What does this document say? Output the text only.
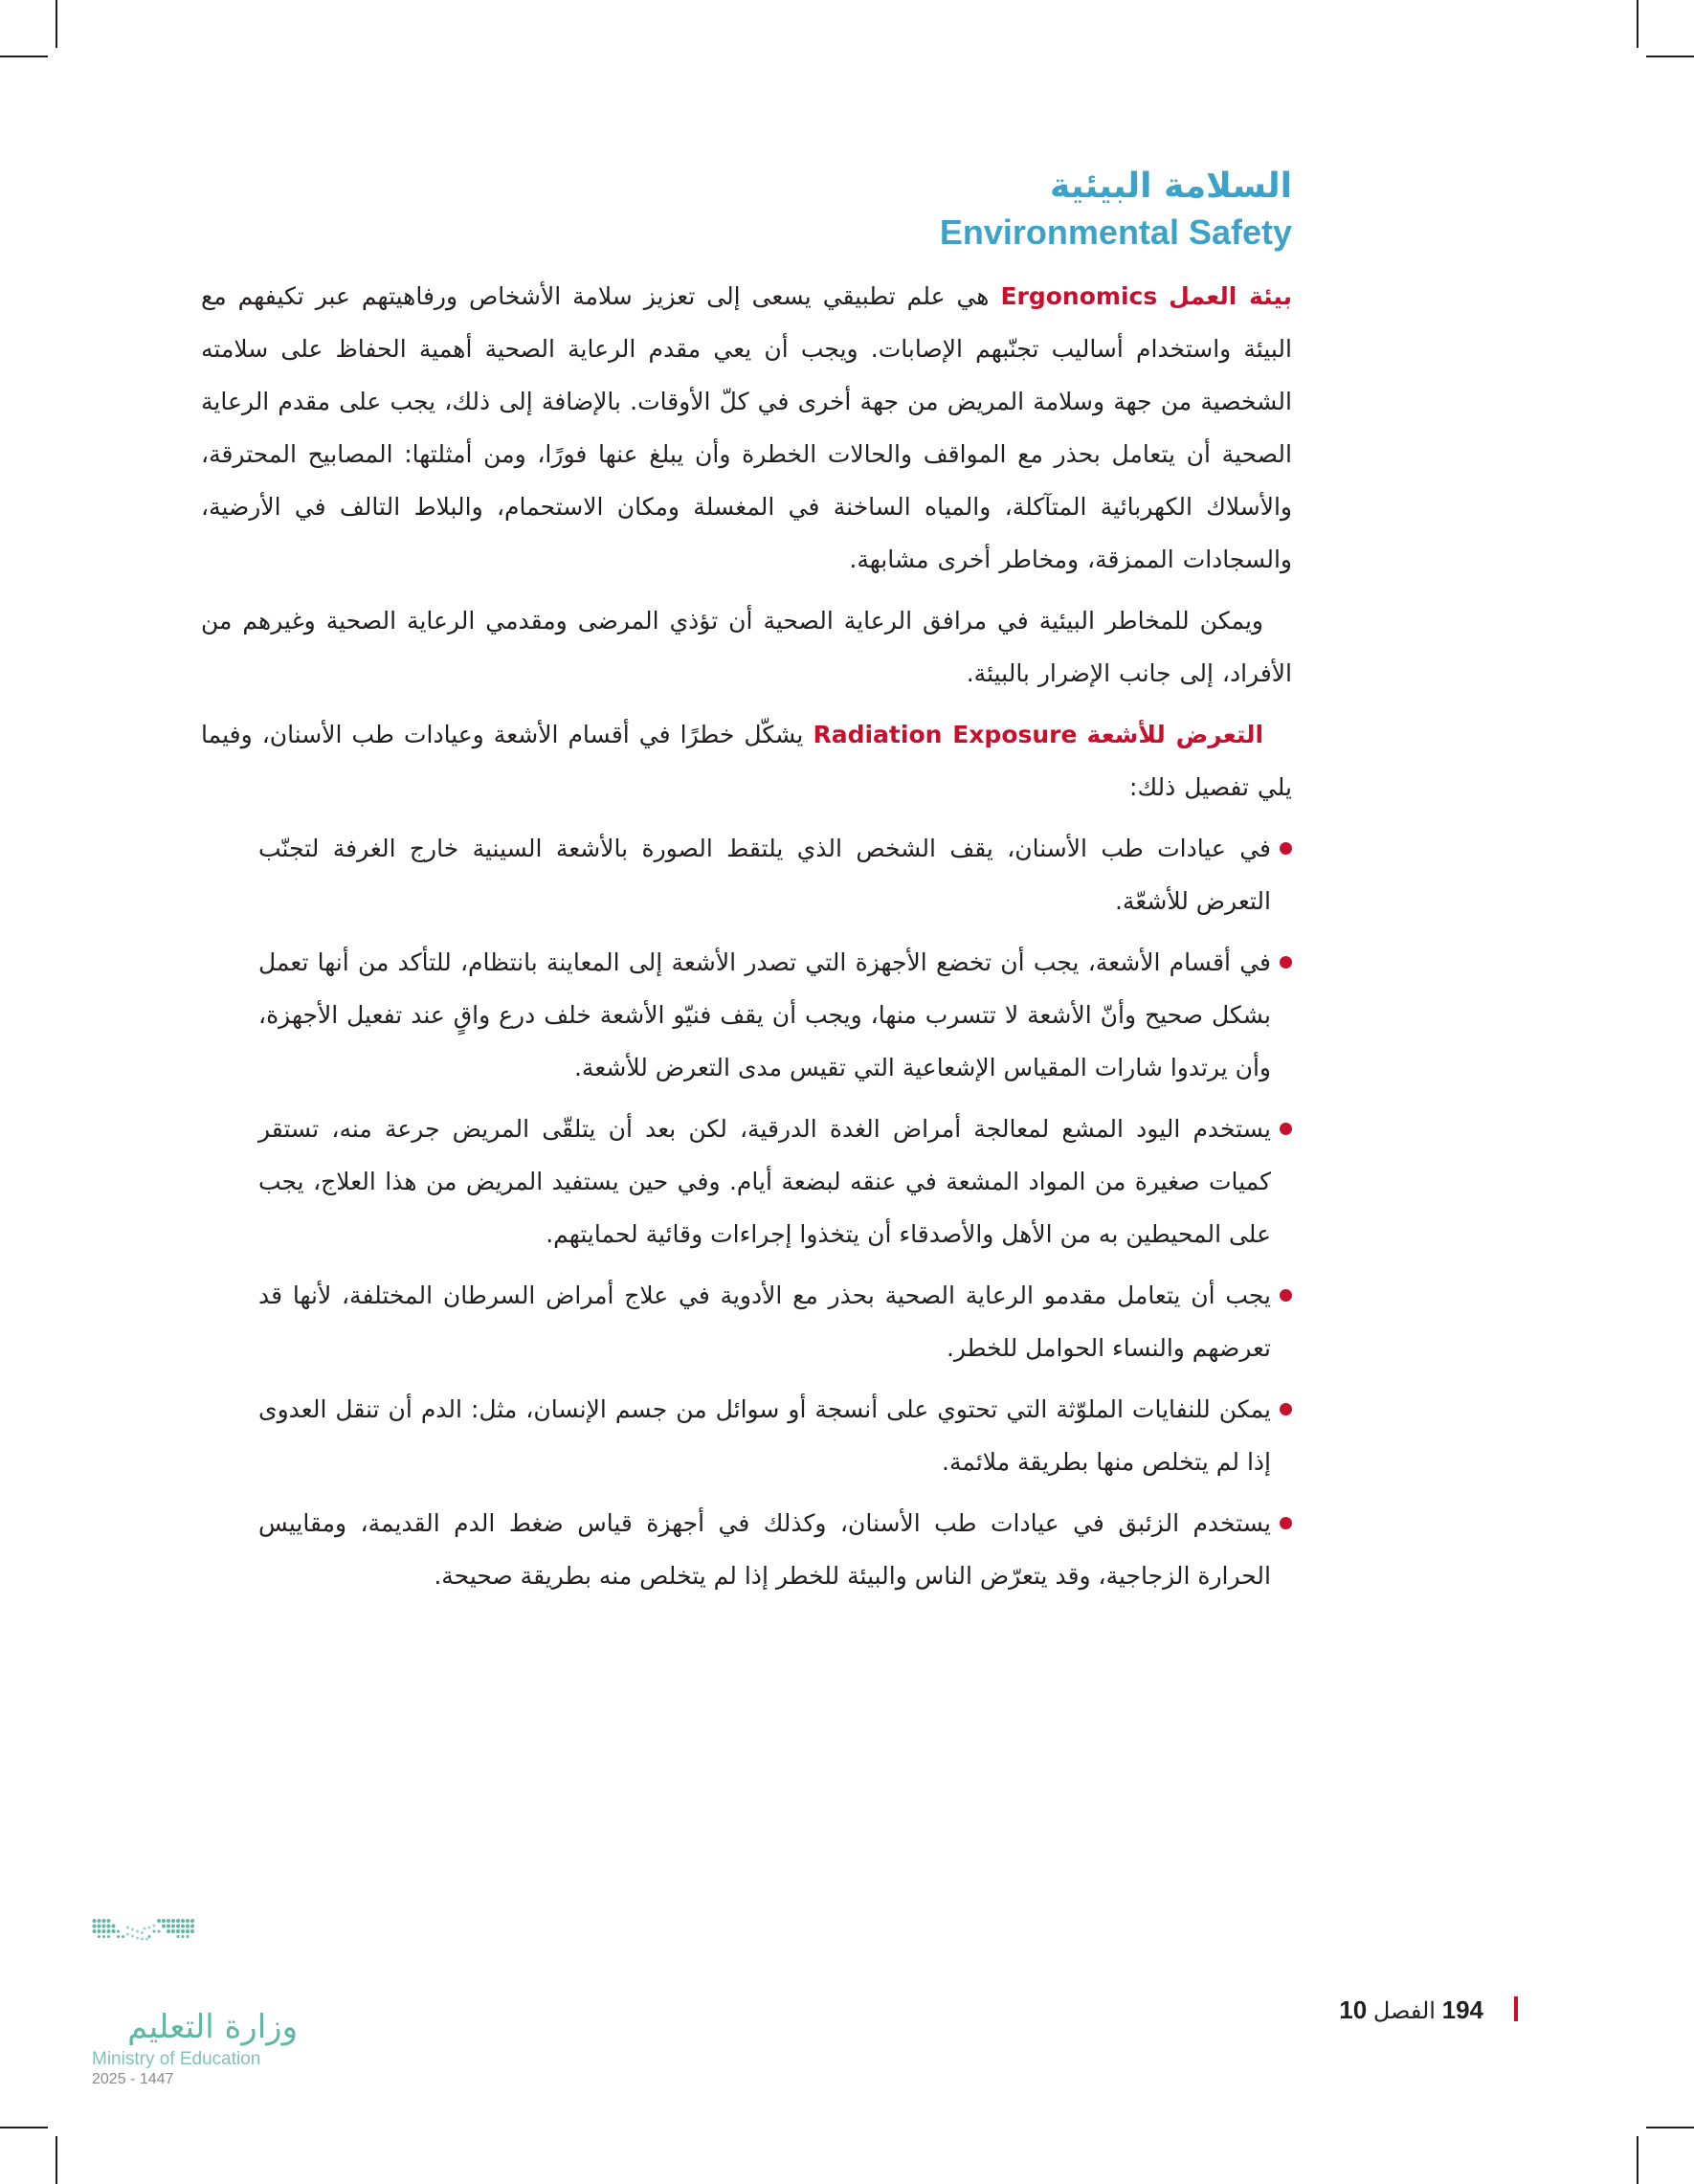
السلامة البيئية
Environmental Safety

بيئة العمل Ergonomics هي علم تطبيقي يسعى إلى تعزيز سلامة الأشخاص ورفاهيتهم عبر تكيفهم مع البيئة واستخدام أساليب تجنّبهم الإصابات. ويجب أن يعي مقدم الرعاية الصحية أهمية الحفاظ على سلامته الشخصية من جهة وسلامة المريض من جهة أخرى في كلّ الأوقات. بالإضافة إلى ذلك، يجب على مقدم الرعاية الصحية أن يتعامل بحذر مع المواقف والحالات الخطرة وأن يبلغ عنها فورًا، ومن أمثلتها: المصابيح المحترقة، والأسلاك الكهربائية المتآكلة، والمياه الساخنة في المغسلة ومكان الاستحمام، والبلاط التالف في الأرضية، والسجادات الممزقة، ومخاطر أخرى مشابهة.

ويمكن للمخاطر البيئية في مرافق الرعاية الصحية أن تؤذي المرضى ومقدمي الرعاية الصحية وغيرهم من الأفراد، إلى جانب الإضرار بالبيئة.

التعرض للأشعة Radiation Exposure يشكّل خطرًا في أقسام الأشعة وعيادات طب الأسنان، وفيما يلي تفصيل ذلك:

في عيادات طب الأسنان، يقف الشخص الذي يلتقط الصورة بالأشعة السينية خارج الغرفة لتجنّب التعرض للأشعّة.
في أقسام الأشعة، يجب أن تخضع الأجهزة التي تصدر الأشعة إلى المعاينة بانتظام، للتأكد من أنها تعمل بشكل صحيح وأنّ الأشعة لا تتسرب منها، ويجب أن يقف فنيّو الأشعة خلف درع واقٍ عند تفعيل الأجهزة، وأن يرتدوا شارات المقياس الإشعاعية التي تقيس مدى التعرض للأشعة.
يستخدم اليود المشع لمعالجة أمراض الغدة الدرقية، لكن بعد أن يتلقّى المريض جرعة منه، تستقر كميات صغيرة من المواد المشعة في عنقه لبضعة أيام. وفي حين يستفيد المريض من هذا العلاج، يجب على المحيطين به من الأهل والأصدقاء أن يتخذوا إجراءات وقائية لحمايتهم.
يجب أن يتعامل مقدمو الرعاية الصحية بحذر مع الأدوية في علاج أمراض السرطان المختلفة، لأنها قد تعرضهم والنساء الحوامل للخطر.
يمكن للنفايات الملوّثة التي تحتوي على أنسجة أو سوائل من جسم الإنسان، مثل: الدم أن تنقل العدوى إذا لم يتخلص منها بطريقة ملائمة.
يستخدم الزئبق في عيادات طب الأسنان، وكذلك في أجهزة قياس ضغط الدم القديمة، ومقاييس الحرارة الزجاجية، وقد يتعرّض الناس والبيئة للخطر إذا لم يتخلص منه بطريقة صحيحة.
194 الفصل 10
وزارة التعليم
Ministry of Education
2025 - 1447
